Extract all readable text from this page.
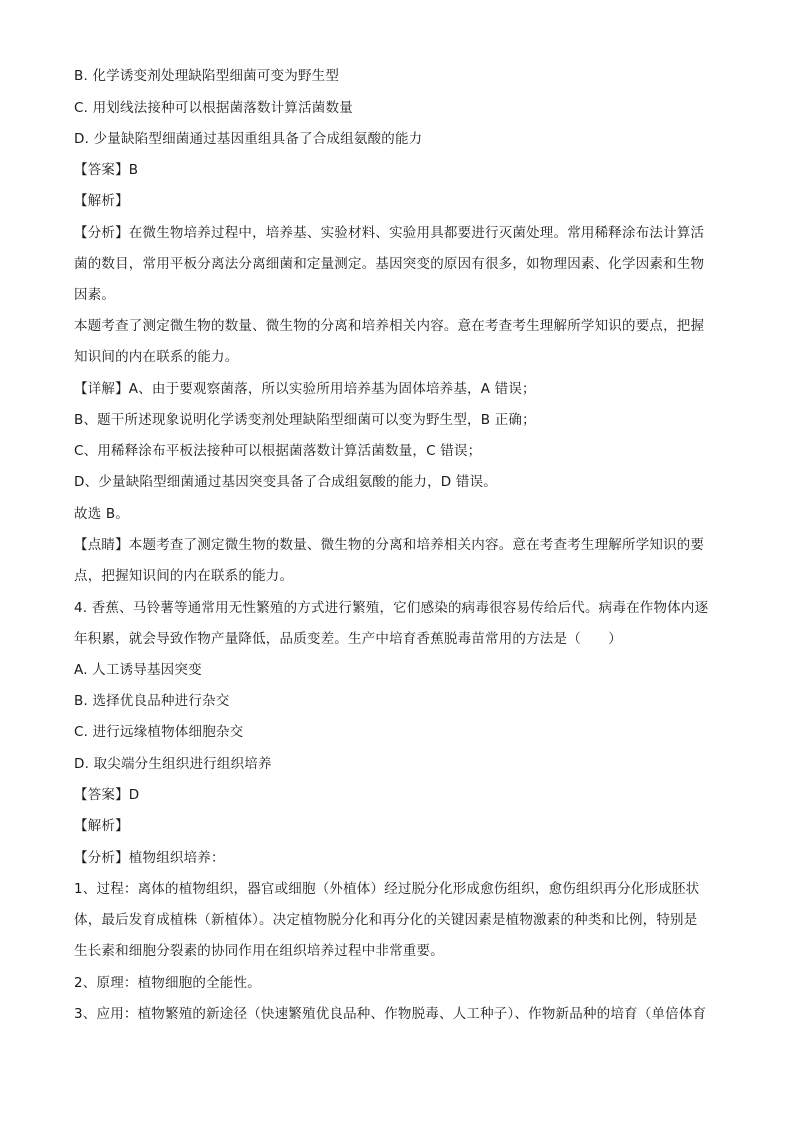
B. 化学诱变剂处理缺陷型细菌可变为野生型
C. 用划线法接种可以根据菌落数计算活菌数量
D. 少量缺陷型细菌通过基因重组具备了合成组氨酸的能力
【答案】B
【解析】
【分析】在微生物培养过程中，培养基、实验材料、实验用具都要进行灭菌处理。常用稀释涂布法计算活
菌的数目，常用平板分离法分离细菌和定量测定。基因突变的原因有很多，如物理因素、化学因素和生物
因素。
本题考查了测定微生物的数量、微生物的分离和培养相关内容。意在考查考生理解所学知识的要点，把握
知识间的内在联系的能力。
【详解】A、由于要观察菌落，所以实验所用培养基为固体培养基，A 错误；
B、题干所述现象说明化学诱变剂处理缺陷型细菌可以变为野生型，B 正确；
C、用稀释涂布平板法接种可以根据菌落数计算活菌数量，C 错误；
D、少量缺陷型细菌通过基因突变具备了合成组氨酸的能力，D 错误。
故选 B。
【点睛】本题考查了测定微生物的数量、微生物的分离和培养相关内容。意在考查考生理解所学知识的要
点，把握知识间的内在联系的能力。
4. 香蕉、马铃薯等通常用无性繁殖的方式进行繁殖，它们感染的病毒很容易传给后代。病毒在作物体内逐
年积累，就会导致作物产量降低，品质变差。生产中培育香蕉脱毒苗常用的方法是（　　）
A. 人工诱导基因突变
B. 选择优良品种进行杂交
C. 进行远缘植物体细胞杂交
D. 取尖端分生组织进行组织培养
【答案】D
【解析】
【分析】植物组织培养：
1、过程：离体的植物组织，器官或细胞（外植体）经过脱分化形成愈伤组织，愈伤组织再分化形成胚状
体，最后发育成植株（新植体）。决定植物脱分化和再分化的关键因素是植物激素的种类和比例，特别是
生长素和细胞分裂素的协同作用在组织培养过程中非常重要。
2、原理：植物细胞的全能性。
3、应用：植物繁殖的新途径（快速繁殖优良品种、作物脱毒、人工种子）、作物新品种的培育（单倍体育
